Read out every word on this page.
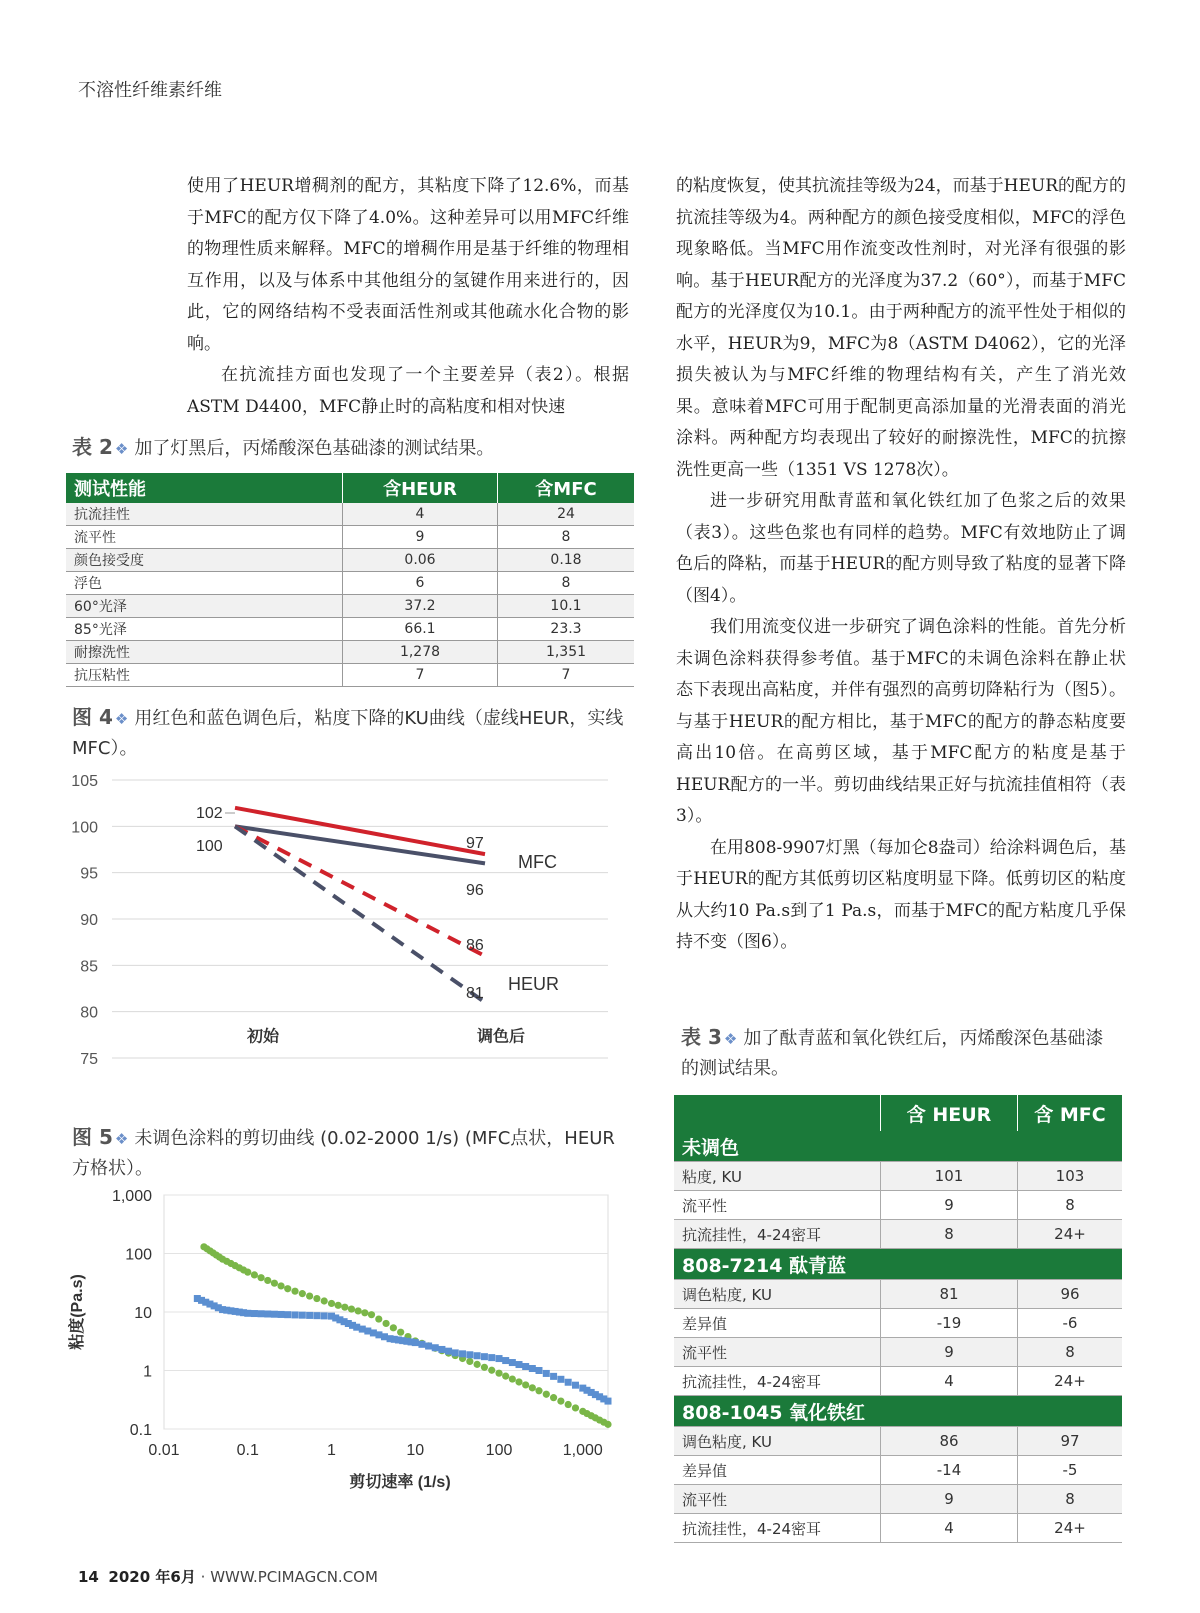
不溶性纤维素纤维

使用了HEUR增稠剂的配方，其粘度下降了12.6%，而基于MFC的配方仅下降了4.0%。这种差异可以用MFC纤维的物理性质来解释。MFC的增稠作用是基于纤维的物理相互作用，以及与体系中其他组分的氢键作用来进行的，因此，它的网络结构不受表面活性剂或其他疏水化合物的影响。

在抗流挂方面也发现了一个主要差异（表2）。根据ASTM D4400，MFC静止时的高粘度和相对快速

的粘度恢复，使其抗流挂等级为24，而基于HEUR的配方的抗流挂等级为4。两种配方的颜色接受度相似，MFC的浮色现象略低。当MFC用作流变改性剂时，对光泽有很强的影响。基于HEUR配方的光泽度为37.2（60°），而基于MFC配方的光泽度仅为10.1。由于两种配方的流平性处于相似的水平，HEUR为9，MFC为8（ASTM D4062），它的光泽损失被认为与MFC纤维的物理结构有关，产生了消光效果。意味着MFC可用于配制更高添加量的光滑表面的消光涂料。两种配方均表现出了较好的耐擦洗性，MFC的抗擦洗性更高一些（1351 VS 1278次）。

进一步研究用酞青蓝和氧化铁红加了色浆之后的效果（表3）。这些色浆也有同样的趋势。MFC有效地防止了调色后的降粘，而基于HEUR的配方则导致了粘度的显著下降（图4）。

我们用流变仪进一步研究了调色涂料的性能。首先分析未调色涂料获得参考值。基于MFC的未调色涂料在静止状态下表现出高粘度，并伴有强烈的高剪切降粘行为（图5）。与基于HEUR的配方相比，基于MFC的配方的静态粘度要高出10倍。在高剪区域，基于MFC配方的粘度是基于HEUR配方的一半。剪切曲线结果正好与抗流挂值相符（表3）。

在用808-9907灯黑（每加仑8盎司）给涂料调色后，基于HEUR的配方其低剪切区粘度明显下降。低剪切区的粘度从大约10 Pa.s到了1 Pa.s，而基于MFC的配方粘度几乎保持不变（图6）。

表 2 ❖ 加了灯黑后，丙烯酸深色基础漆的测试结果。
测试性能	含HEUR	含MFC
抗流挂性	4	24
流平性	9	8
颜色接受度	0.06	0.18
浮色	6	8
60°光泽	37.2	10.1
85°光泽	66.1	23.3
耐擦洗性	1,278	1,351
抗压粘性	7	7
图 4 ❖ 用红色和蓝色调色后，粘度下降的KU曲线（虚线HEUR，实线MFC）。
105
100
95
90
85
80
75
初始	调色后
102
100	97
96
86
81
MFC
HEUR
图 5 ❖ 未调色涂料的剪切曲线 (0.02-2000 1/s) (MFC点状，HEUR方格状）。
1,000
100
10
1
0.1
0.01	0.1	1	10	100	1,000
剪切速率 (1/s)
粘度(Pa.s)
表 3 ❖ 加了酞青蓝和氧化铁红后，丙烯酸深色基础漆的测试结果。
	含 HEUR	含 MFC
未调色		
粘度, KU	101	103
流平性	9	8
抗流挂性，4-24密耳	8	24+
808-7214 酞青蓝		
调色粘度, KU	81	96
差异值	-19	-6
流平性	9	8
抗流挂性，4-24密耳	4	24+
808-1045 氧化铁红		
调色粘度, KU	86	97
差异值	-14	-5
流平性	9	8
抗流挂性，4-24密耳	4	24+
14 2020 年6月 · WWW.PCIMAGCN.COM
